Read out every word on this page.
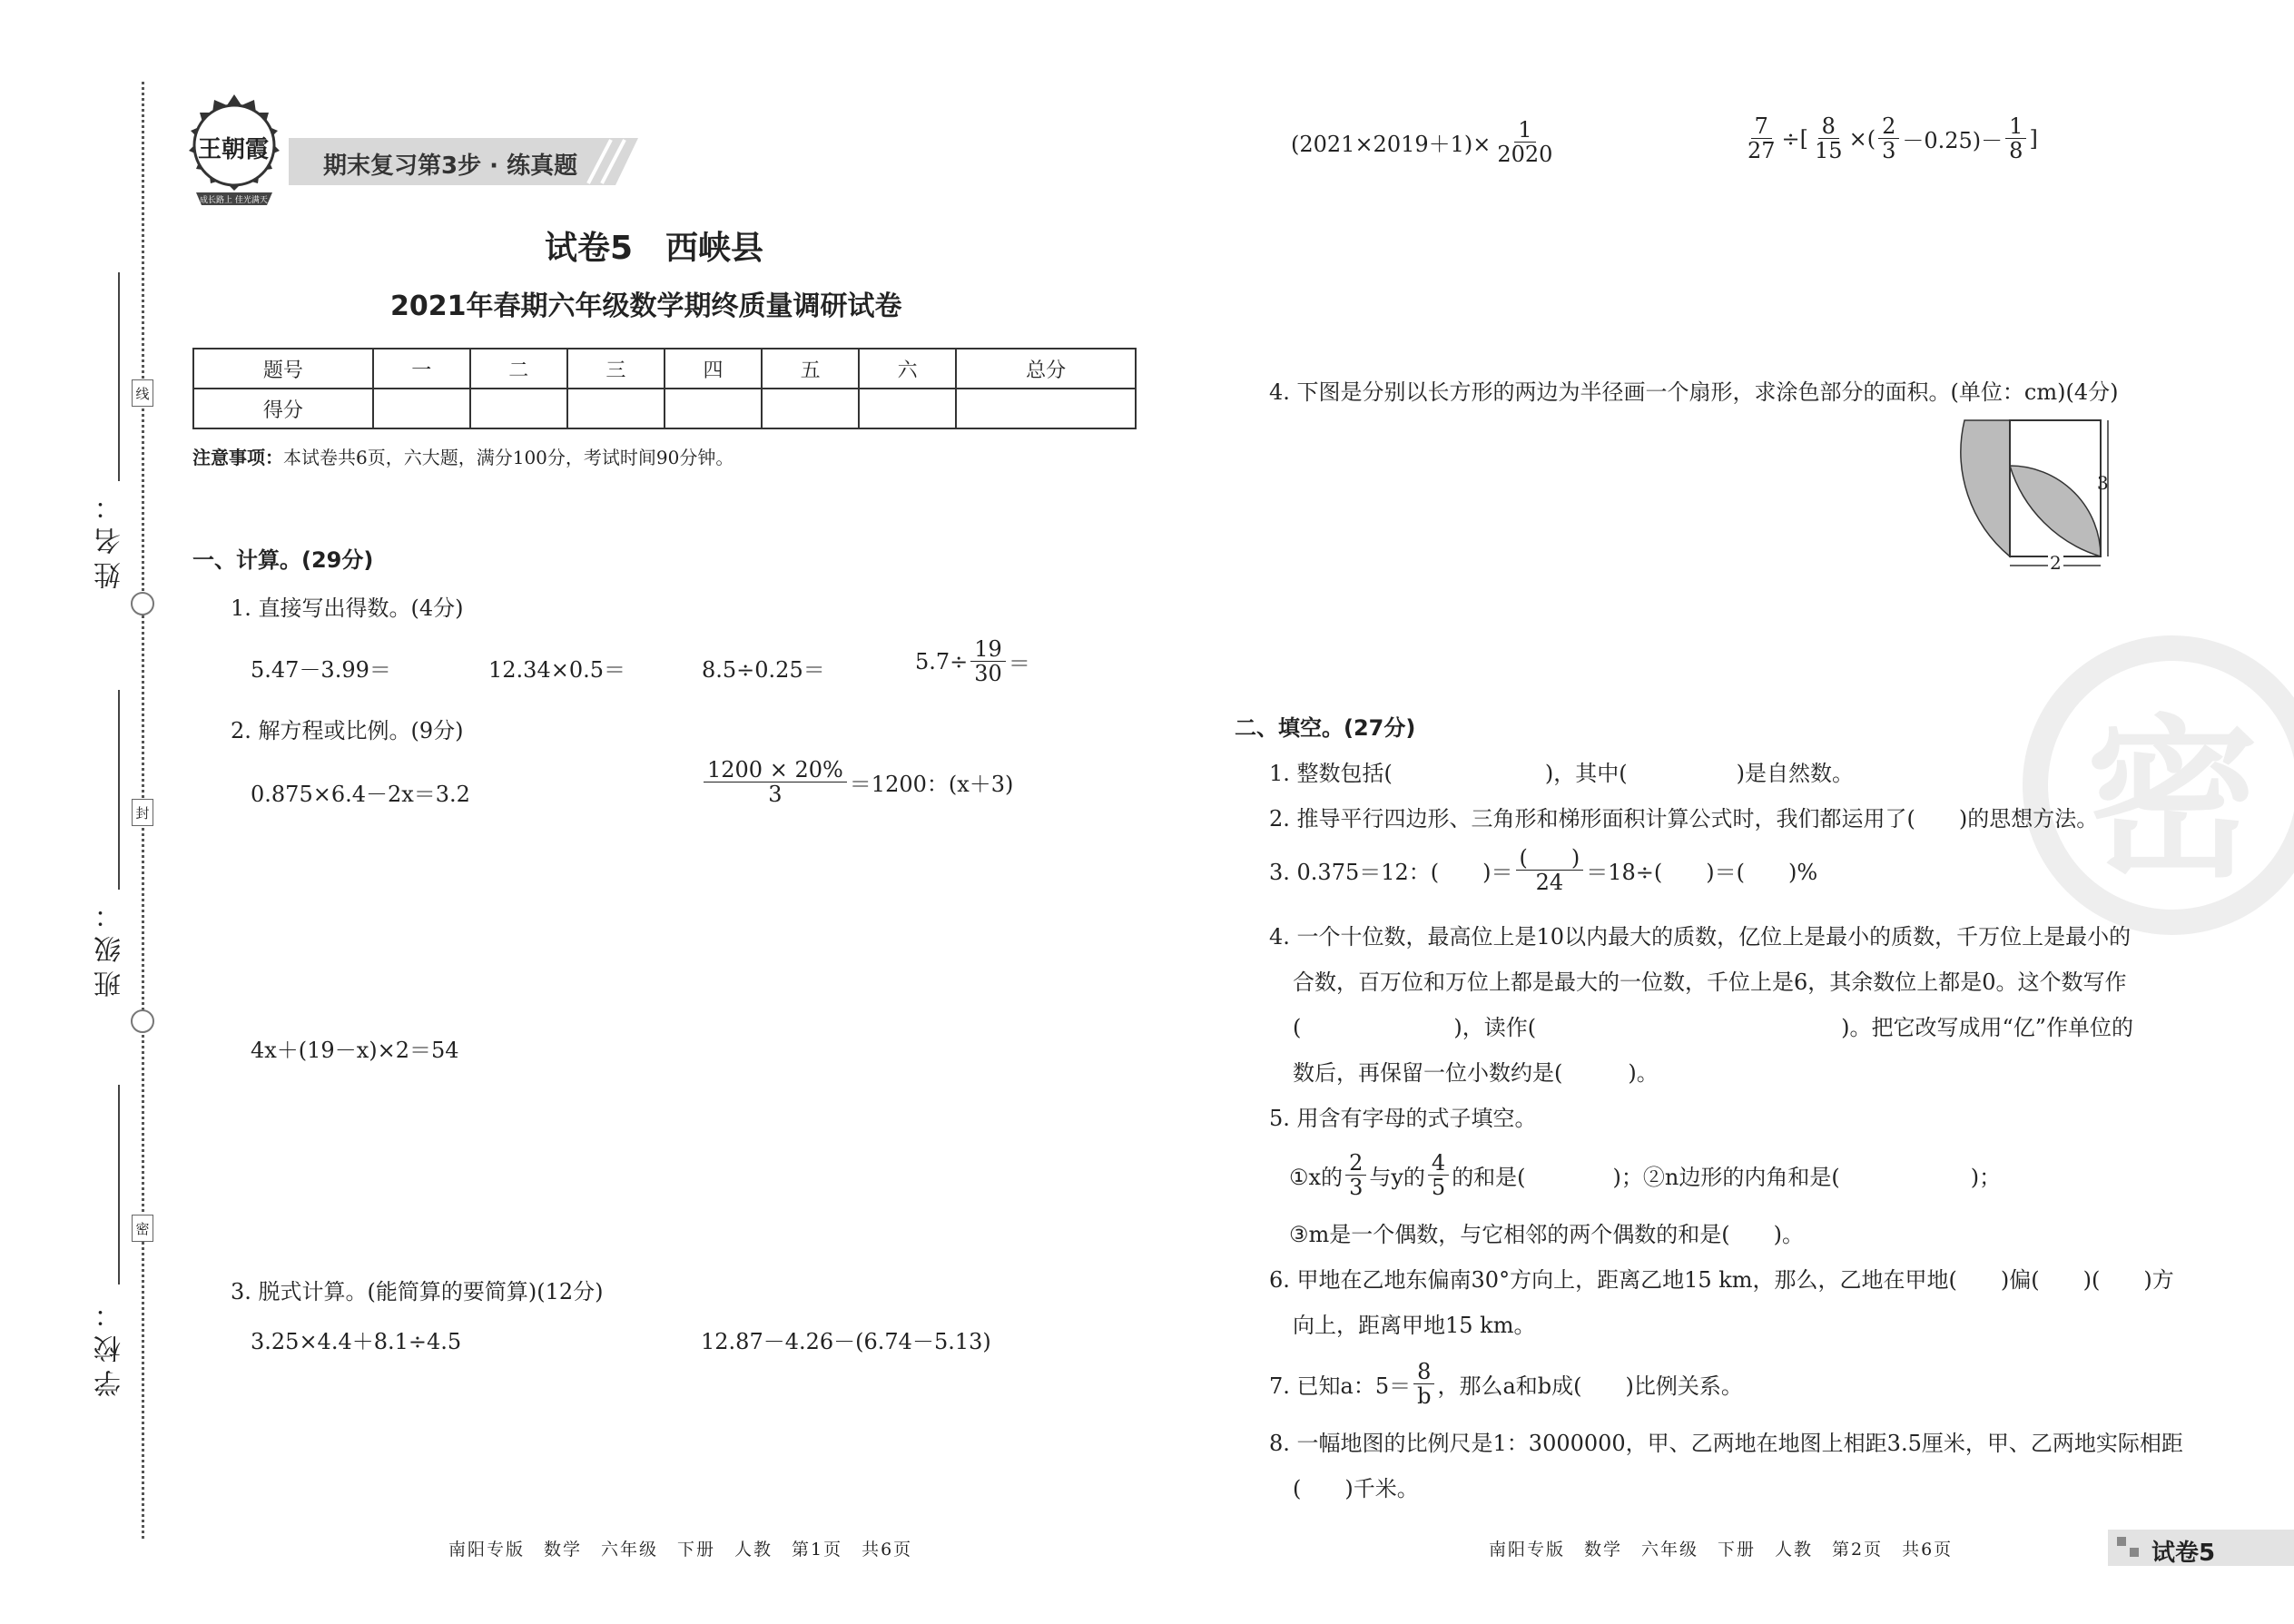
线
封
密
姓名：
班级：
学校：
王朝霞
成长路上 佳光满天
期末复习第3步 · 练真题
试卷5　西峡县
2021年春期六年级数学期终质量调研试卷
题号	一	二	三	四	五	六	总分
得分							
注意事项：本试卷共6页，六大题，满分100分，考试时间90分钟。
一、计算。(29分)
1. 直接写出得数。(4分)
5.47－3.99＝	12.34×0.5＝	8.5÷0.25＝	$5.7\div \frac{19}{30}$ ＝
2. 解方程或比例。(9分)
0.875×6.4－2x＝3.2	$\frac{1200 \times 20\%}{3} =1200$：(x＋3)
4x＋(19－x)×2＝54
3. 脱式计算。(能简算的要简算)(12分)
3.25×4.4＋8.1÷4.5	12.87－4.26－(6.74－5.13)
$(2021\times 2019+1)\times \frac{1}{2020}$	$\frac{7}{27}$ ÷[ $\frac{8}{15}$ ×( $\frac{2}{3} -0.25)- \frac{1}{8}$ ]
4. 下图是分别以长方形的两边为半径画一个扇形，求涂色部分的面积。(单位：cm)(4分)
3
2
密
二、填空。(27分)
1. 整数包括(　　　　　　　)，其中(　　　　　)是自然数。
2. 推导平行四边形、三角形和梯形面积计算公式时，我们都运用了(　　)的思想方法。
3. 0.375＝12：(　　)＝ $\frac{( )}{24} =18\div$(　　)＝(　　)%
4. 一个十位数，最高位上是10以内最大的质数，亿位上是最小的质数，千万位上是最小的
合数，百万位和万位上都是最大的一位数，千位上是6，其余数位上都是0。这个数写作
(　　　　　　　)，读作(　　　　　　　　　　　　　　)。把它改写成用“亿”作单位的
数后，再保留一位小数约是(　　　)。
5. 用含有字母的式子填空。
①x的 $\frac{2}{3}$ 与y的 $\frac{4}{5}$ 的和是(　　　　)；②n边形的内角和是(　　　　　　)；
③m是一个偶数，与它相邻的两个偶数的和是(　　)。
6. 甲地在乙地东偏南30°方向上，距离乙地15 km，那么，乙地在甲地(　　)偏(　　)(　　)方
向上，距离甲地15 km。
7. 已知a：$5= \frac{8}{b}$ ，那么a和b成(　　)比例关系。
8. 一幅地图的比例尺是1：3000000，甲、乙两地在地图上相距3.5厘米，甲、乙两地实际相距
(　　)千米。
南阳专版　数学　六年级　下册　人教　第1页　共6页	南阳专版　数学　六年级　下册　人教　第2页　共6页	试卷5
